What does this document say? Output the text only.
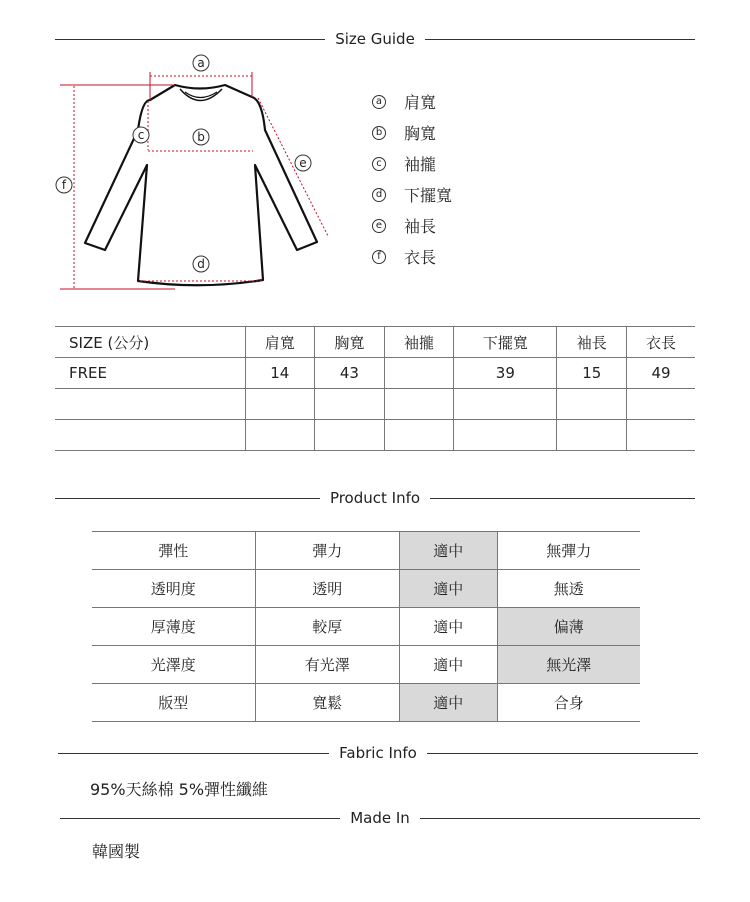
Size Guide
a
b
c
d
e
f
a 肩寬
b 胸寬
c 袖攏
d 下擺寬
e 袖長
f	衣長
SIZE (公分)	肩寬	胸寬	袖攏	下擺寬	袖長	衣長
FREE	14	43		39	15	49

Product Info
彈性	彈力	適中	無彈力
透明度	透明	適中	無透
厚薄度	較厚	適中	偏薄
光澤度	有光澤	適中	無光澤
版型	寬鬆	適中	合身
Fabric Info
95%天絲棉 5%彈性纖維
Made In
韓國製
